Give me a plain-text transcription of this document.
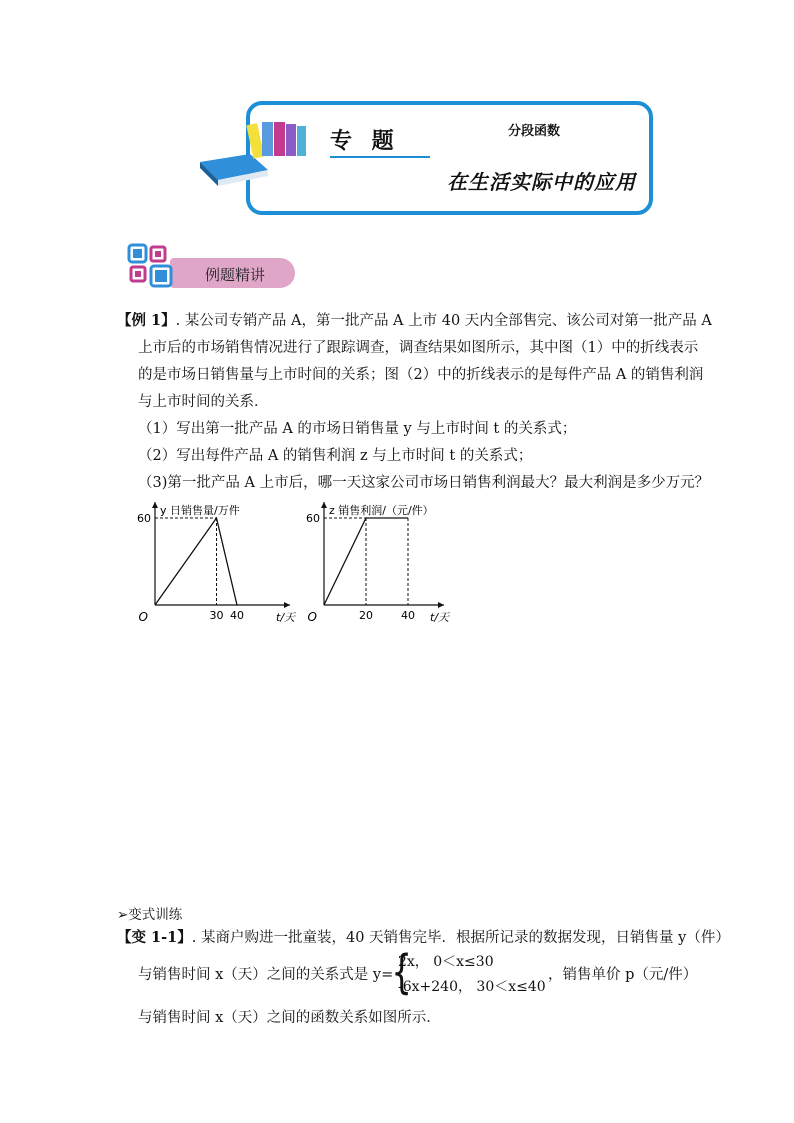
专 题	分段函数
在生活实际中的应用
例题精讲
【例 1】. 某公司专销产品 A，第一批产品 A 上市 40 天内全部售完、该公司对第一批产品 A
上市后的市场销售情况进行了跟踪调查，调查结果如图所示，其中图（1）中的折线表示
的是市场日销售量与上市时间的关系；图（2）中的折线表示的是每件产品 A 的销售利润
与上市时间的关系．
（1）写出第一批产品 A 的市场日销售量 y 与上市时间 t 的关系式；
（2）写出每件产品 A 的销售利润 z 与上市时间 t 的关系式；
（3)第一批产品 A 上市后，哪一天这家公司市场日销售利润最大？最大利润是多少万元？
30 40
60
O	t/天
y 日销售量/万件
20	40
60
O	t/天
z 销售利润/（元/件）
➢变式训练
【变 1-1】. 某商户购进一批童装，40 天销售完毕．根据所记录的数据发现，日销售量 y（件）
与销售时间 x（天）之间的关系式是 y=
{
2x， 0＜x≤30
-6x+240， 30＜x≤40
，销售单价 p（元/件）
与销售时间 x（天）之间的函数关系如图所示．
